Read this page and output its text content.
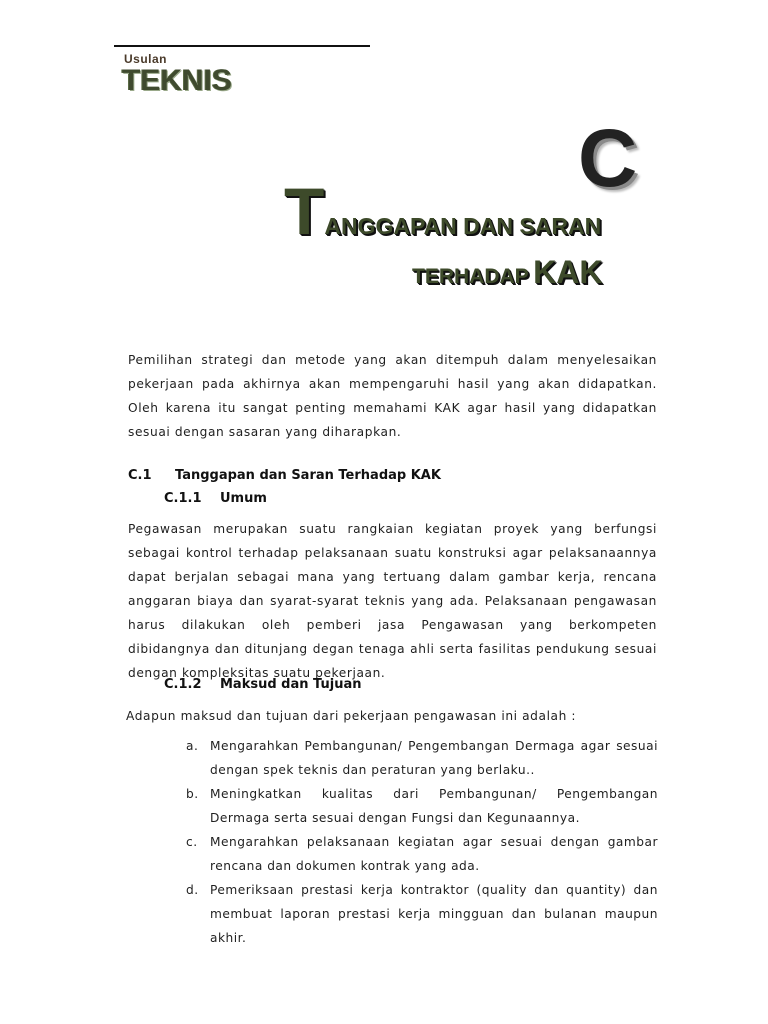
Usulan
TEKNIS
C
TANGGAPAN DAN SARAN
TERHADAP KAK

Pemilihan strategi dan metode yang akan ditempuh dalam menyelesaikan pekerjaan pada akhirnya akan mempengaruhi hasil yang akan didapatkan. Oleh karena itu sangat penting memahami KAK agar hasil yang didapatkan sesuai dengan sasaran yang diharapkan.

C.1 Tanggapan dan Saran Terhadap KAK
C.1.1 Umum

Pegawasan merupakan suatu rangkaian kegiatan proyek yang berfungsi sebagai kontrol terhadap pelaksanaan suatu konstruksi agar pelaksanaannya dapat berjalan sebagai mana yang tertuang dalam gambar kerja, rencana anggaran biaya dan syarat-syarat teknis yang ada. Pelaksanaan pengawasan harus dilakukan oleh pemberi jasa Pengawasan yang berkompeten dibidangnya dan ditunjang degan tenaga ahli serta fasilitas pendukung sesuai dengan kompleksitas suatu pekerjaan.

C.1.2 Maksud dan Tujuan

Adapun maksud dan tujuan dari pekerjaan pengawasan ini adalah :

a. Mengarahkan Pembangunan/ Pengembangan Dermaga agar sesuai dengan spek teknis dan peraturan yang berlaku..
b. Meningkatkan kualitas dari Pembangunan/ Pengembangan Dermaga serta sesuai dengan Fungsi dan Kegunaannya.
c. Mengarahkan pelaksanaan kegiatan agar sesuai dengan gambar rencana dan dokumen kontrak yang ada.
d. Pemeriksaan prestasi kerja kontraktor (quality dan quantity) dan membuat laporan prestasi kerja mingguan dan bulanan maupun akhir.
